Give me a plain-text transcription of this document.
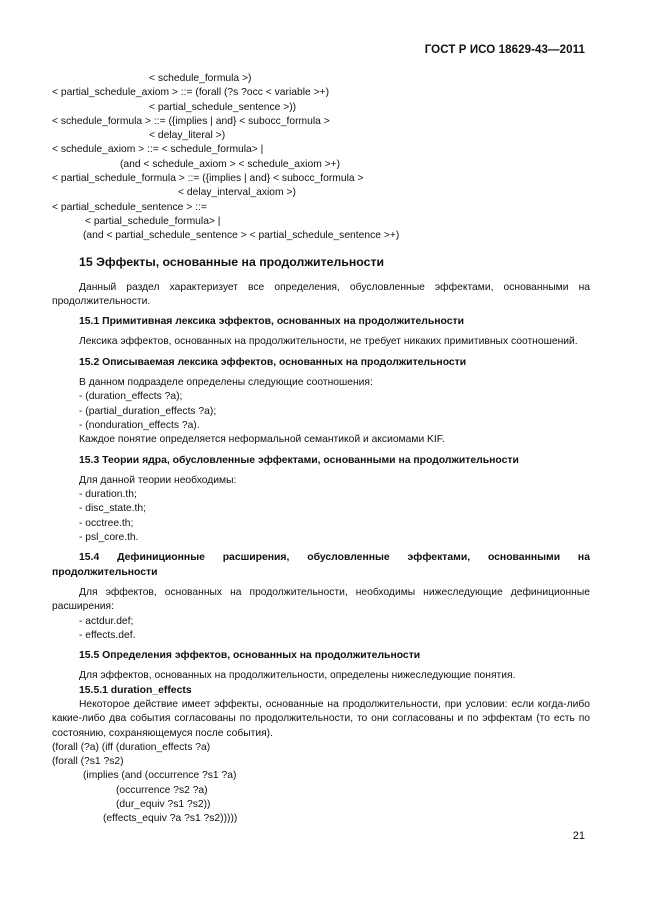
ГОСТ Р ИСО 18629-43—2011
< schedule_formula >)
< partial_schedule_axiom > ::= (forall (?s ?occ < variable >+)
< partial_schedule_sentence >))
< schedule_formula > ::= ({implies | and} < subocc_formula >
< delay_literal >)
< schedule_axiom > ::= < schedule_formula> |
(and < schedule_axiom > < schedule_axiom >+)
< partial_schedule_formula > ::= ({implies | and} < subocc_formula >
< delay_interval_axiom >)
< partial_schedule_sentence > ::=
< partial_schedule_formula> |
(and < partial_schedule_sentence > < partial_schedule_sentence >+)
15 Эффекты, основанные на продолжительности
Данный раздел характеризует все определения, обусловленные эффектами, основанными на продолжительности.
15.1 Примитивная лексика эффектов, основанных на продолжительности
Лексика эффектов, основанных на продолжительности, не требует никаких примитивных соотношений.
15.2 Описываемая лексика эффектов, основанных на продолжительности
В данном подразделе определены следующие соотношения:
- (duration_effects ?a);
- (partial_duration_effects ?a);
- (nonduration_effects ?a).
Каждое понятие определяется неформальной семантикой и аксиомами KIF.
15.3 Теории ядра, обусловленные эффектами, основанными на продолжительности
Для данной теории необходимы:
- duration.th;
- disc_state.th;
- occtree.th;
- psl_core.th.
15.4 Дефиниционные расширения, обусловленные эффектами, основанными на продолжительности
Для эффектов, основанных на продолжительности, необходимы нижеследующие дефиниционные расширения:
- actdur.def;
- effects.def.
15.5 Определения эффектов, основанных на продолжительности
Для эффектов, основанных на продолжительности, определены нижеследующие понятия.
15.5.1 duration_effects
Некоторое действие имеет эффекты, основанные на продолжительности, при условии: если когда-либо какие-либо два события согласованы по продолжительности, то они согласованы и по эффектам (то есть по состоянию, сохраняющемуся после события).
(forall (?a) (iff (duration_effects ?a)
(forall (?s1 ?s2)
(implies (and (occurrence ?s1 ?a)
(occurrence ?s2 ?a)
(dur_equiv ?s1 ?s2))
(effects_equiv ?a ?s1 ?s2)))))
21
